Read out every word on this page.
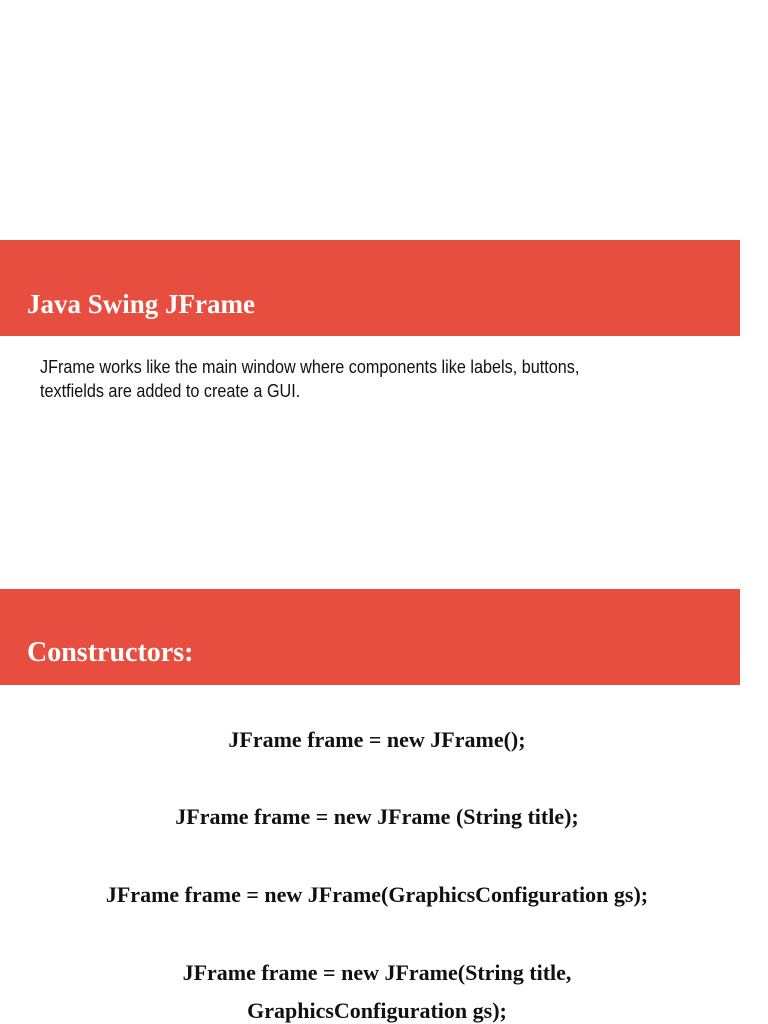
Java Swing JFrame
JFrame works like the main window where components like labels, buttons,
textfields are added to create a GUI.
Constructors:
JFrame frame = new JFrame();
JFrame frame = new JFrame (String title);
JFrame frame = new JFrame(GraphicsConfiguration gs);
JFrame frame = new JFrame(String title,
GraphicsConfiguration gs);
